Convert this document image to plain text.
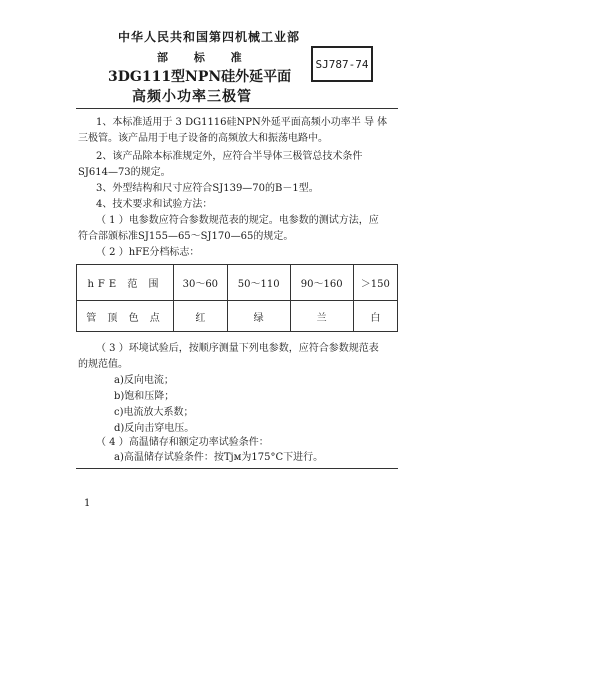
中华人民共和国第四机械工业部
部 标 准	SJ787-74
3DG111型NPN硅外延平面
高频小功率三极管
1、本标准适用于 3 DG1116硅NPN外延平面高频小功率半 导 体
三极管。该产品用于电子设备的高频放大和振荡电路中。
2、该产品除本标准规定外，应符合半导体三极管总技术条件
SJ614—73的规定。
3、外型结构和尺寸应符合SJ139—70的B－1型。
4、技术要求和试验方法：
（ 1 ）电参数应符合参数规范表的规定。电参数的测试方法，应
符合部颁标准SJ155—65～SJ170—65的规定。
（ 2 ）hFE分档标志：
hFE 范 围	30～60	50～110	90～160	＞150
管 顶 色 点	红	绿	兰	白
（ 3 ）环境试验后，按顺序测量下列电参数，应符合参数规范表
的规范值。
a)反向电流；
b)饱和压降；
c)电流放大系数；
d)反向击穿电压。
（ 4 ）高温储存和额定功率试验条件：
a)高温储存试验条件：按Tjм为175°C下进行。
1
